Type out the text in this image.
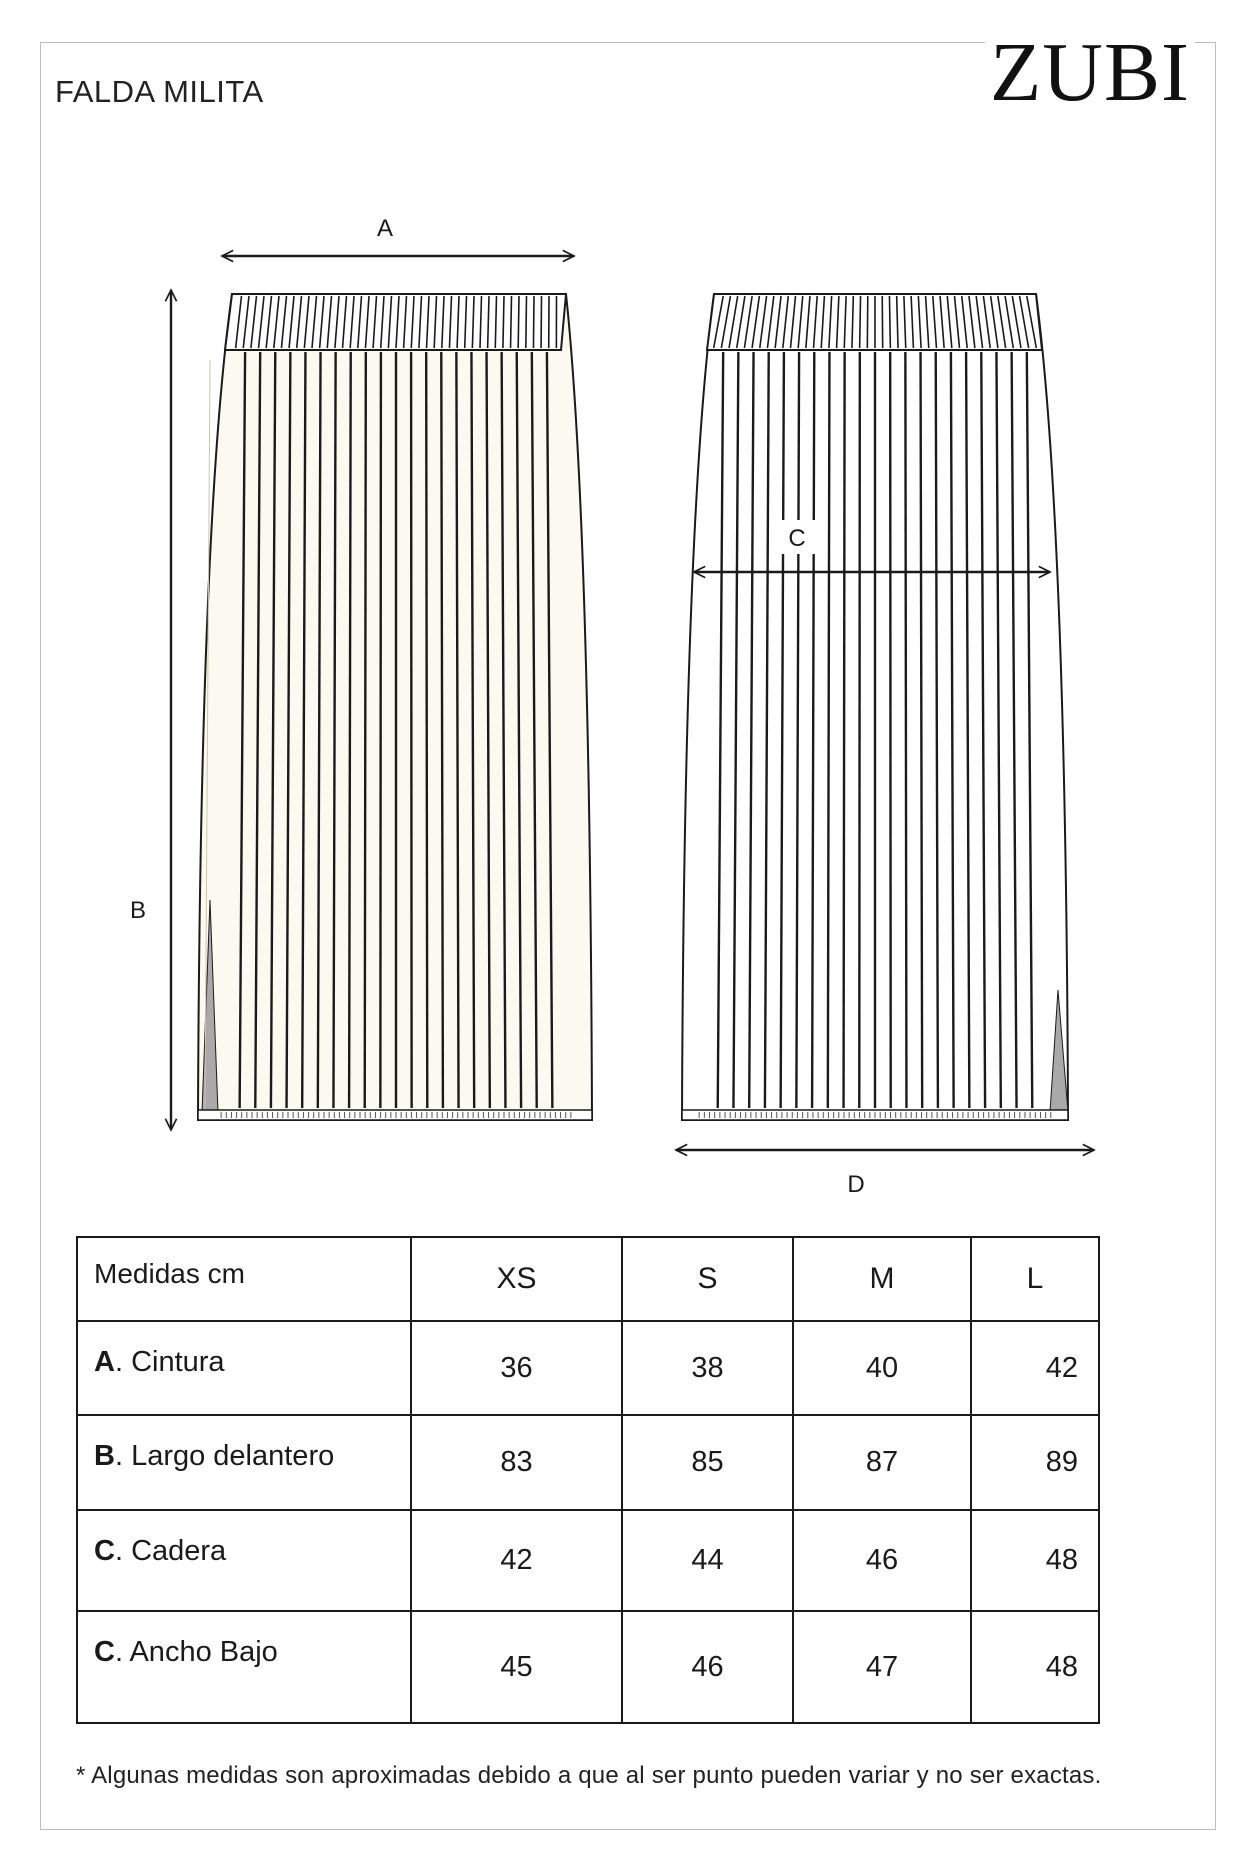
ZUBI
FALDA MILITA
A
B
C
D
Medidas cm	XS	S	M	L
A. Cintura	36	38	40	42
B. Largo delantero	83	85	87	89
C. Cadera	42	44	46	48
C. Ancho Bajo	45	46	47	48
* Algunas medidas son aproximadas debido a que al ser punto pueden variar y no ser exactas.
